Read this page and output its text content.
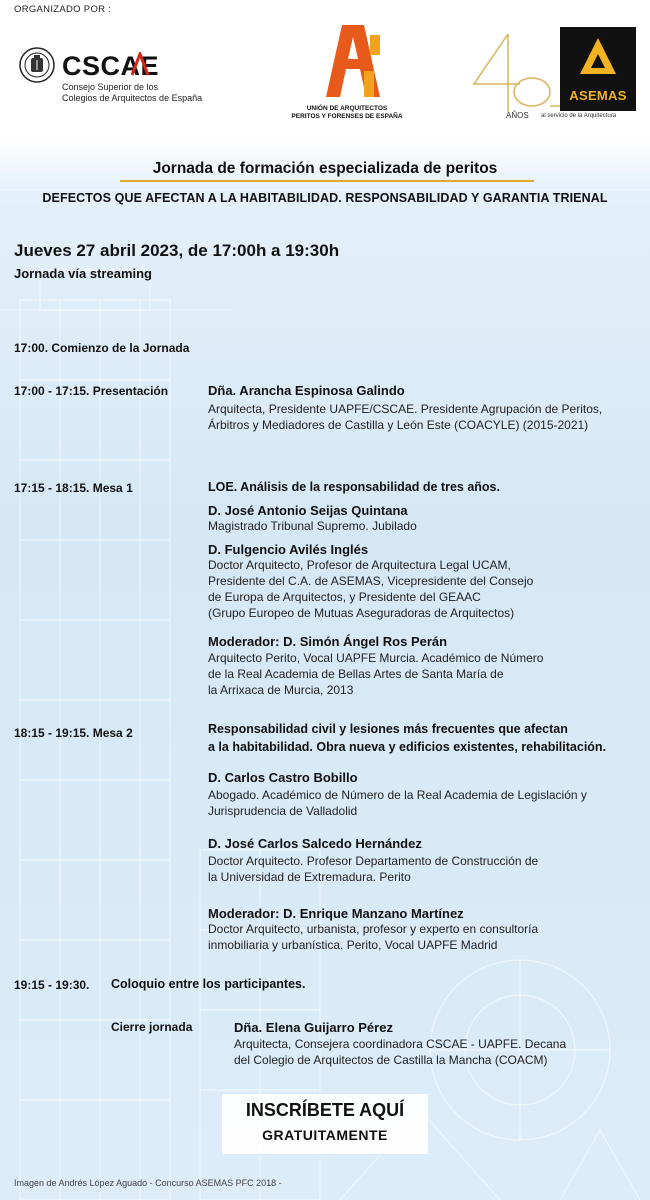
ORGANIZADO POR :
CSCAE
Consejo Superior de los
Colegios de Arquitectos de España
UNIÓN DE ARQUITECTOS
PERITOS Y FORENSES DE ESPAÑA
ASEMAS
AÑOS al servicio de la Arquitectura
Jornada de formación especializada de peritos
DEFECTOS QUE AFECTAN A LA HABITABILIDAD. RESPONSABILIDAD Y GARANTIA TRIENAL
Jueves 27 abril 2023, de 17:00h a 19:30h
Jornada vía streaming
17:00. Comienzo de la Jornada
17:00 - 17:15. Presentación	Dña. Arancha Espinosa Galindo
Arquitecta, Presidente UAPFE/CSCAE. Presidente Agrupación de Peritos,
Árbitros y Mediadores de Castilla y León Este (COACYLE) (2015-2021)
17:15 - 18:15. Mesa 1	LOE. Análisis de la responsabilidad de tres años.
D. José Antonio Seijas Quintana
Magistrado Tribunal Supremo. Jubilado
D. Fulgencio Avilés Inglés
Doctor Arquitecto, Profesor de Arquitectura Legal UCAM,
Presidente del C.A. de ASEMAS, Vicepresidente del Consejo
de Europa de Arquitectos, y Presidente del GEAAC
(Grupo Europeo de Mutuas Aseguradoras de Arquitectos)
Moderador: D. Simón Ángel Ros Perán
Arquitecto Perito, Vocal UAPFE Murcia. Académico de Número
de la Real Academia de Bellas Artes de Santa María de
la Arrixaca de Murcia, 2013
18:15 - 19:15. Mesa 2	Responsabilidad civil y lesiones más frecuentes que afectan
a la habitabilidad. Obra nueva y edificios existentes, rehabilitación.
D. Carlos Castro Bobillo
Abogado. Académico de Número de la Real Academia de Legislación y
Jurisprudencia de Valladolid
D. José Carlos Salcedo Hernández
Doctor Arquitecto. Profesor Departamento de Construcción de
la Universidad de Extremadura. Perito
Moderador: D. Enrique Manzano Martínez
Doctor Arquitecto, urbanista, profesor y experto en consultoría
inmobiliaria y urbanística. Perito, Vocal UAPFE Madrid
19:15 - 19:30. Coloquio entre los participantes.
Cierre jornada	Dña. Elena Guijarro Pérez
Arquitecta, Consejera coordinadora CSCAE - UAPFE. Decana
del Colegio de Arquitectos de Castilla la Mancha (COACM)
INSCRÍBETE AQUÍ
GRATUITAMENTE
Imagen de Andrés López Aguado - Concurso ASEMAS PFC 2018 -
